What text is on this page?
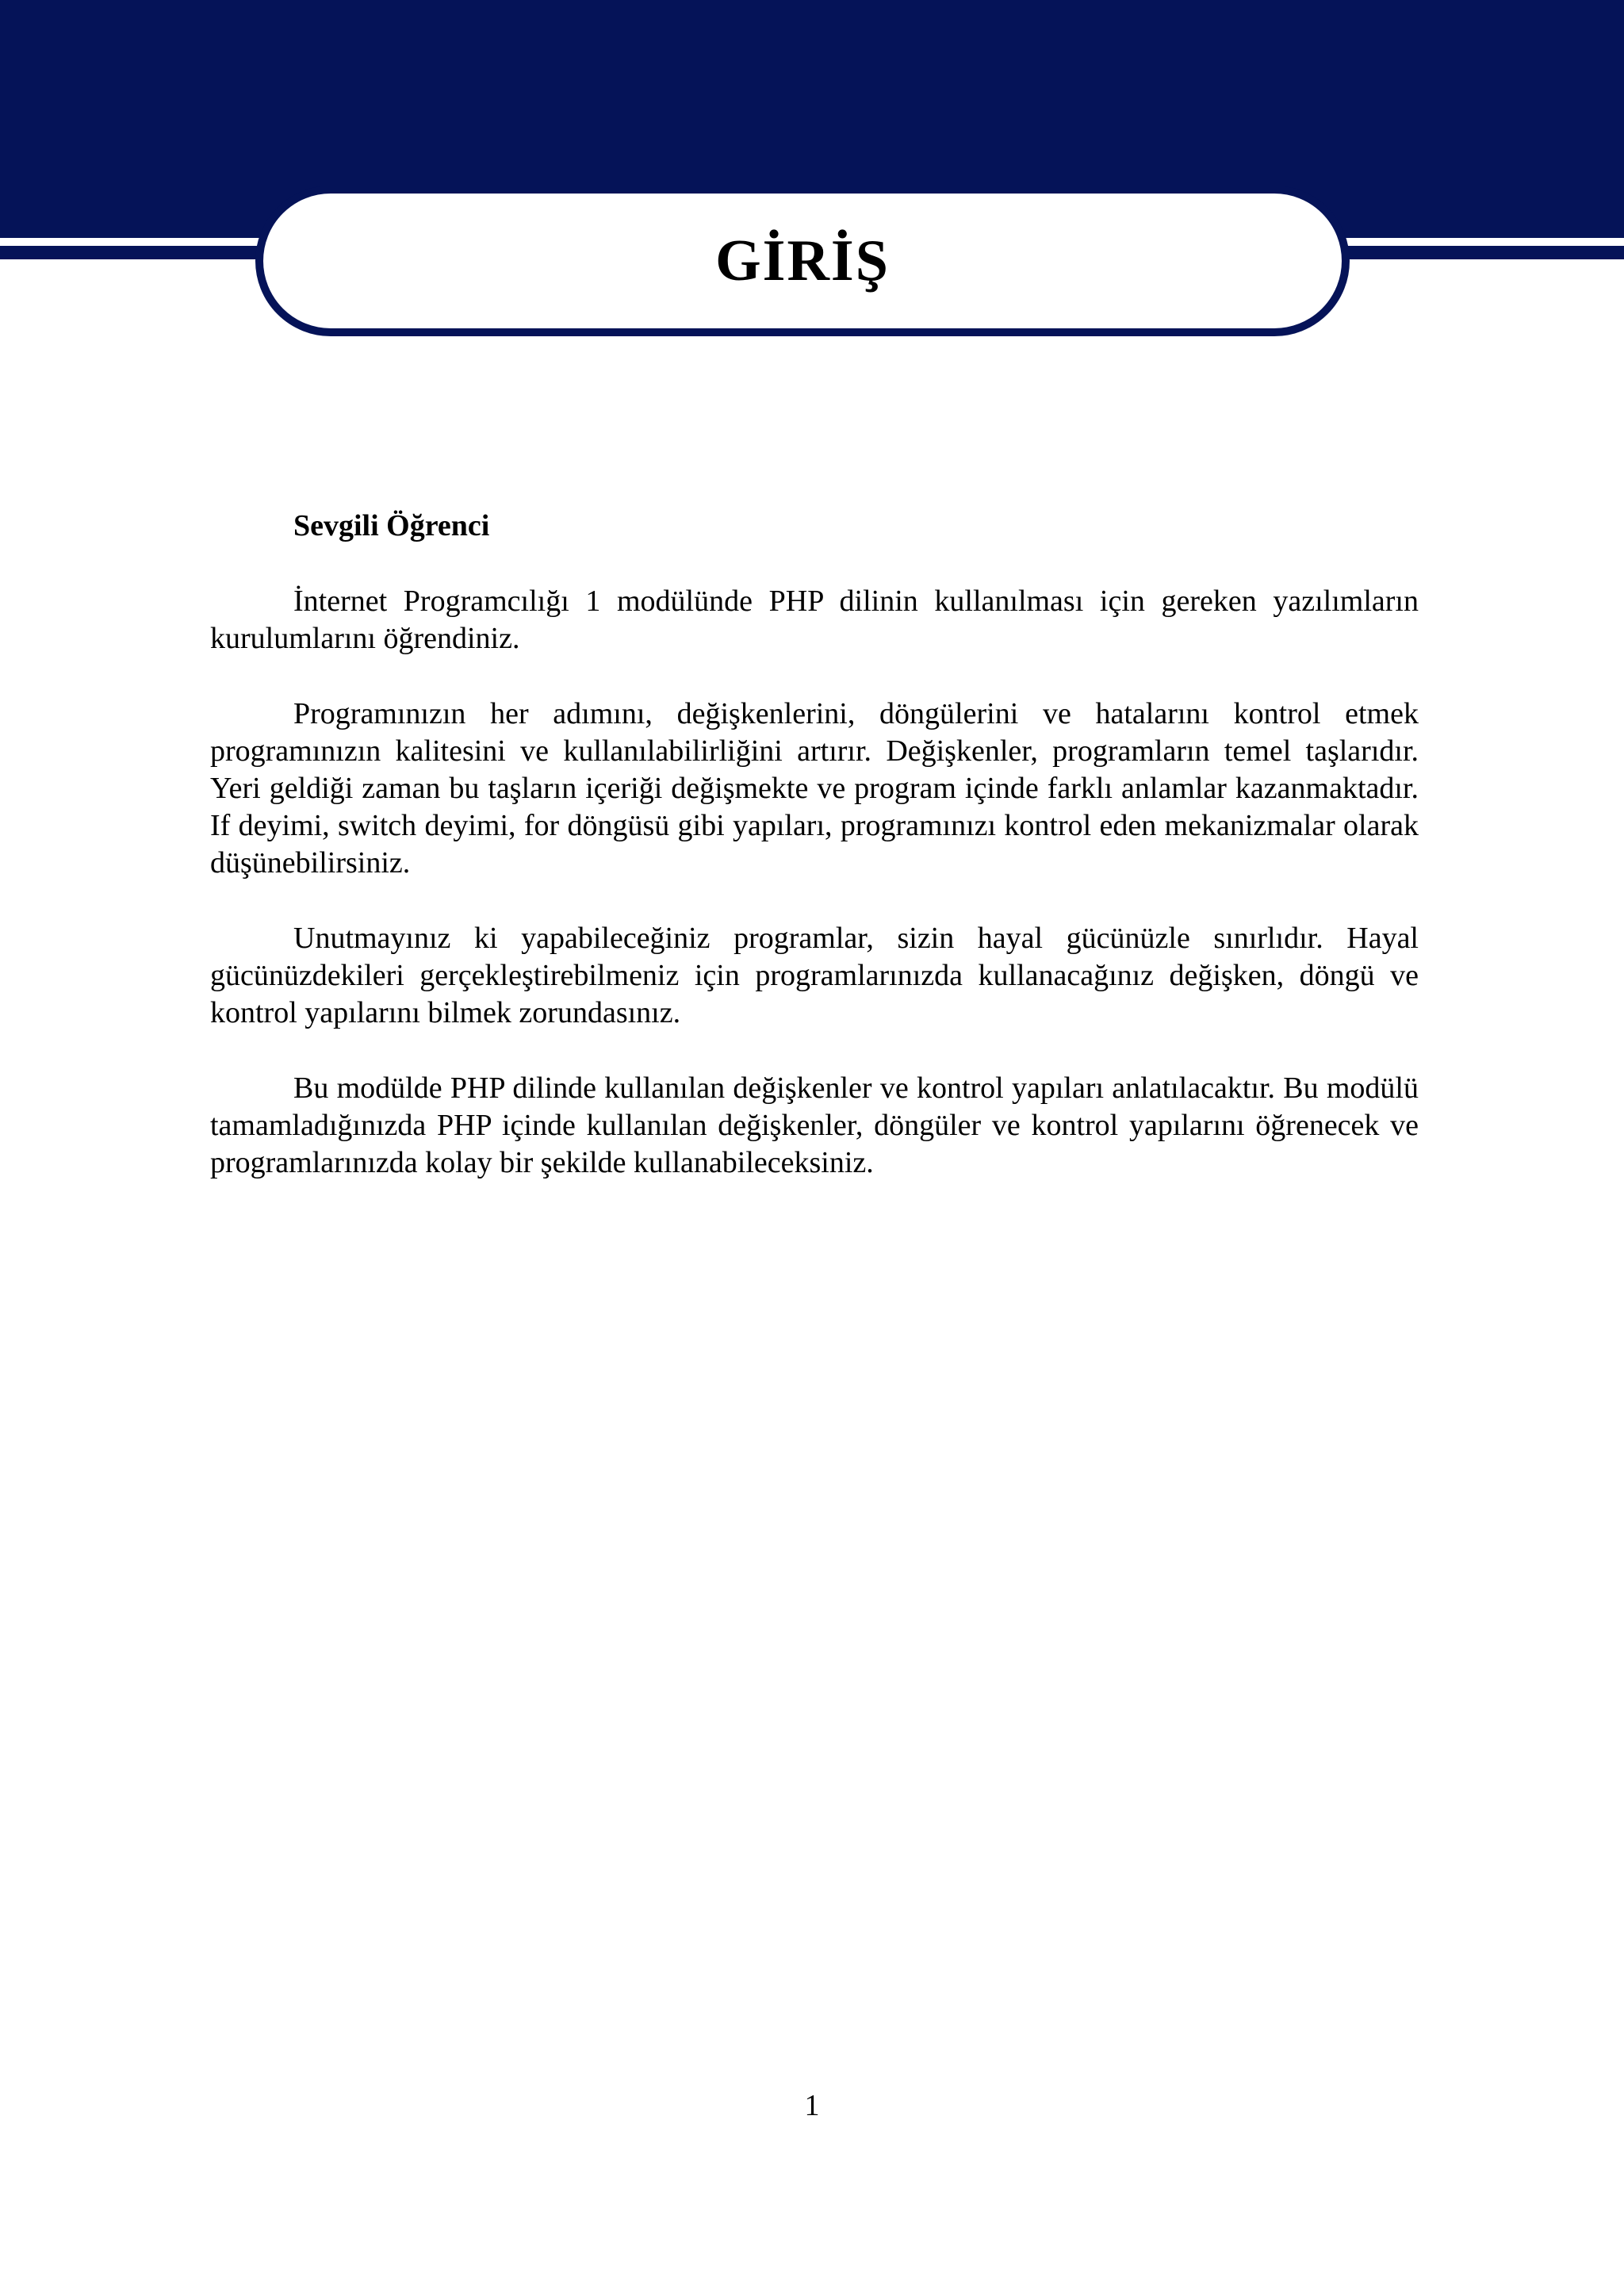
GİRİŞ

Sevgili Öğrenci

İnternet Programcılığı 1 modülünde PHP dilinin kullanılması için gereken yazılımların kurulumlarını öğrendiniz.

Programınızın her adımını, değişkenlerini, döngülerini ve hatalarını kontrol etmek programınızın kalitesini ve kullanılabilirliğini artırır. Değişkenler, programların temel taşlarıdır. Yeri geldiği zaman bu taşların içeriği değişmekte ve program içinde farklı anlamlar kazanmaktadır. If deyimi, switch deyimi, for döngüsü gibi yapıları, programınızı kontrol eden mekanizmalar olarak düşünebilirsiniz.

Unutmayınız ki yapabileceğiniz programlar, sizin hayal gücünüzle sınırlıdır. Hayal gücünüzdekileri gerçekleştirebilmeniz için programlarınızda kullanacağınız değişken, döngü ve kontrol yapılarını bilmek zorundasınız.

Bu modülde PHP dilinde kullanılan değişkenler ve kontrol yapıları anlatılacaktır. Bu modülü tamamladığınızda PHP içinde kullanılan değişkenler, döngüler ve kontrol yapılarını öğrenecek ve programlarınızda kolay bir şekilde kullanabileceksiniz.

1
